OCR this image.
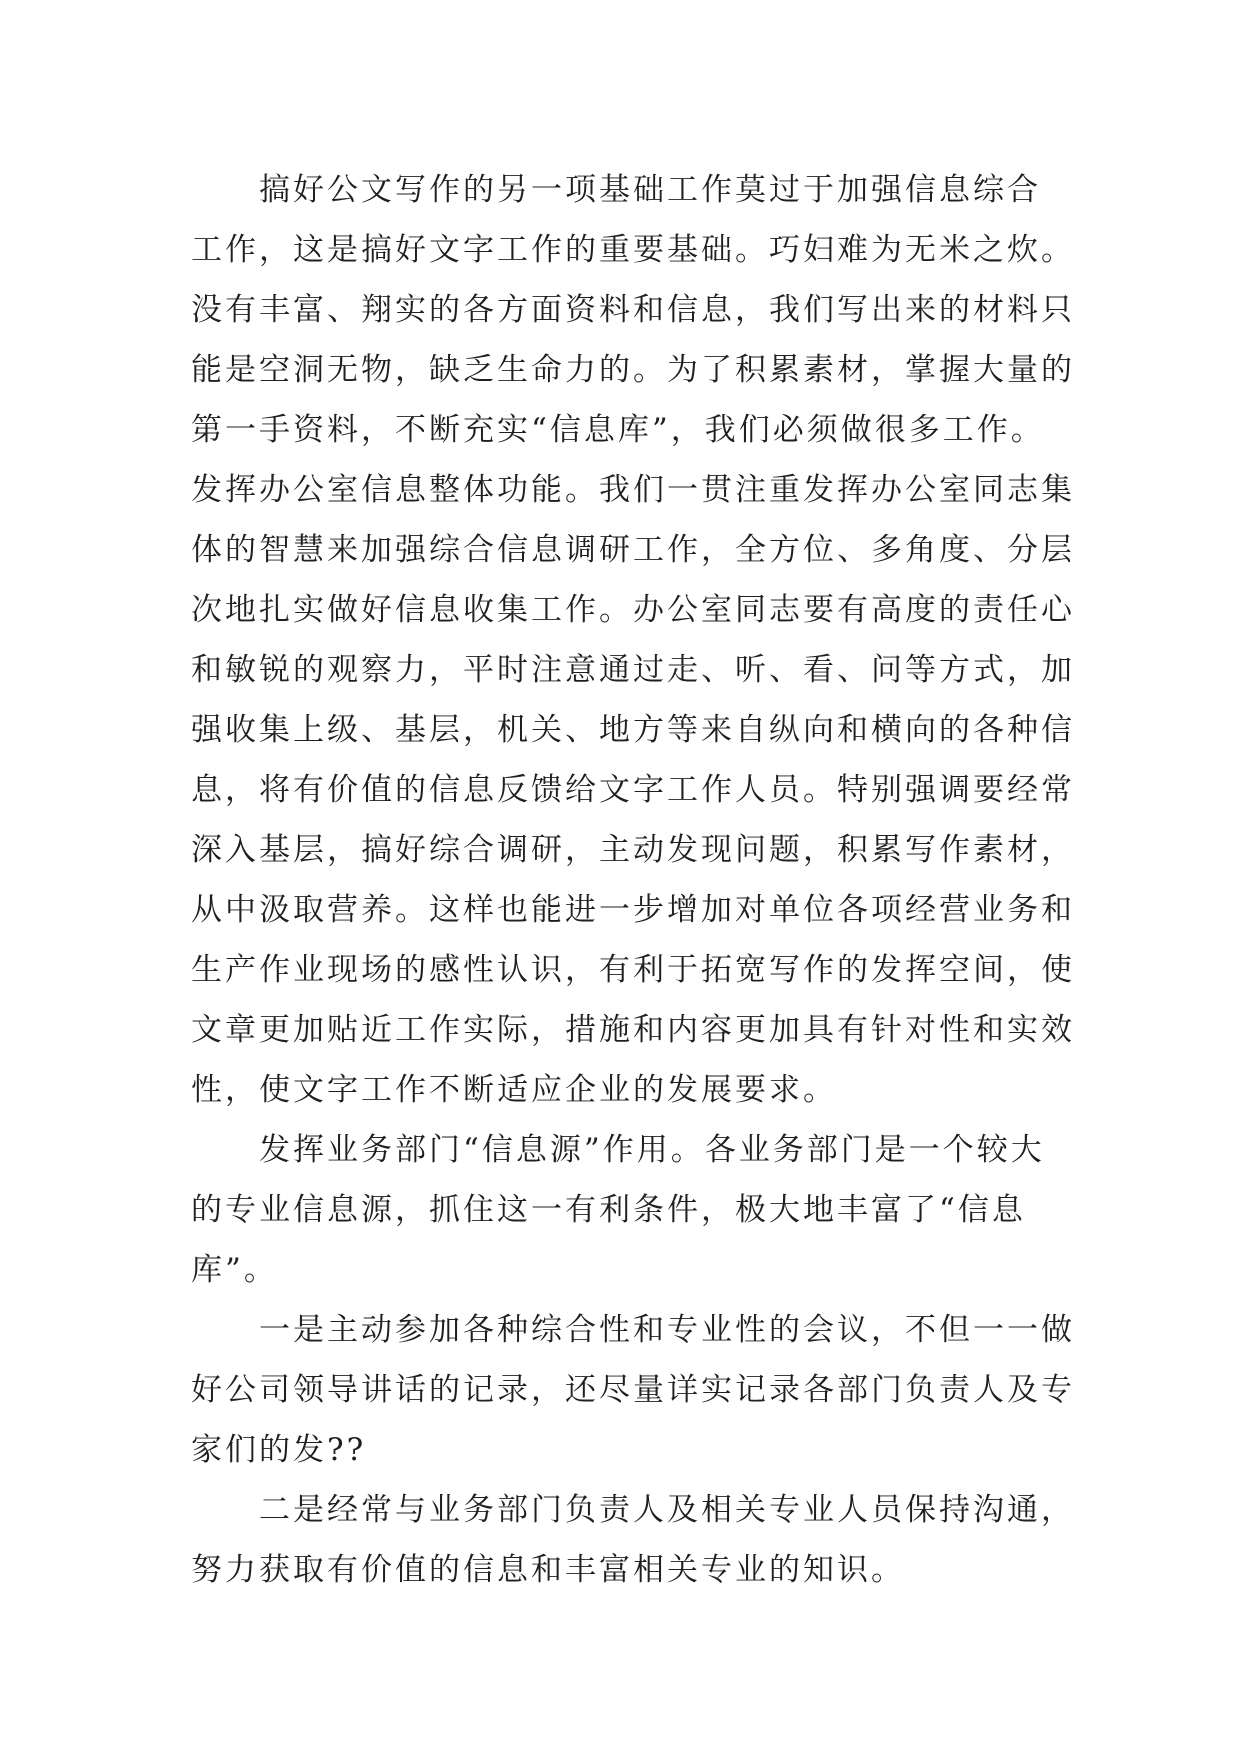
搞好公文写作的另一项基础工作莫过于加强信息综合
工作，这是搞好文字工作的重要基础。巧妇难为无米之炊。
没有丰富、翔实的各方面资料和信息，我们写出来的材料只
能是空洞无物，缺乏生命力的。为了积累素材，掌握大量的
第一手资料，不断充实“信息库”，我们必须做很多工作。
发挥办公室信息整体功能。我们一贯注重发挥办公室同志集
体的智慧来加强综合信息调研工作，全方位、多角度、分层
次地扎实做好信息收集工作。办公室同志要有高度的责任心
和敏锐的观察力，平时注意通过走、听、看、问等方式，加
强收集上级、基层，机关、地方等来自纵向和横向的各种信
息，将有价值的信息反馈给文字工作人员。特别强调要经常
深入基层，搞好综合调研，主动发现问题，积累写作素材，
从中汲取营养。这样也能进一步增加对单位各项经营业务和
生产作业现场的感性认识，有利于拓宽写作的发挥空间，使
文章更加贴近工作实际，措施和内容更加具有针对性和实效
性，使文字工作不断适应企业的发展要求。
发挥业务部门“信息源”作用。各业务部门是一个较大
的专业信息源，抓住这一有利条件，极大地丰富了“信息
库”。
一是主动参加各种综合性和专业性的会议，不但一一做
好公司领导讲话的记录，还尽量详实记录各部门负责人及专
家们的发??
二是经常与业务部门负责人及相关专业人员保持沟通，
努力获取有价值的信息和丰富相关专业的知识。
